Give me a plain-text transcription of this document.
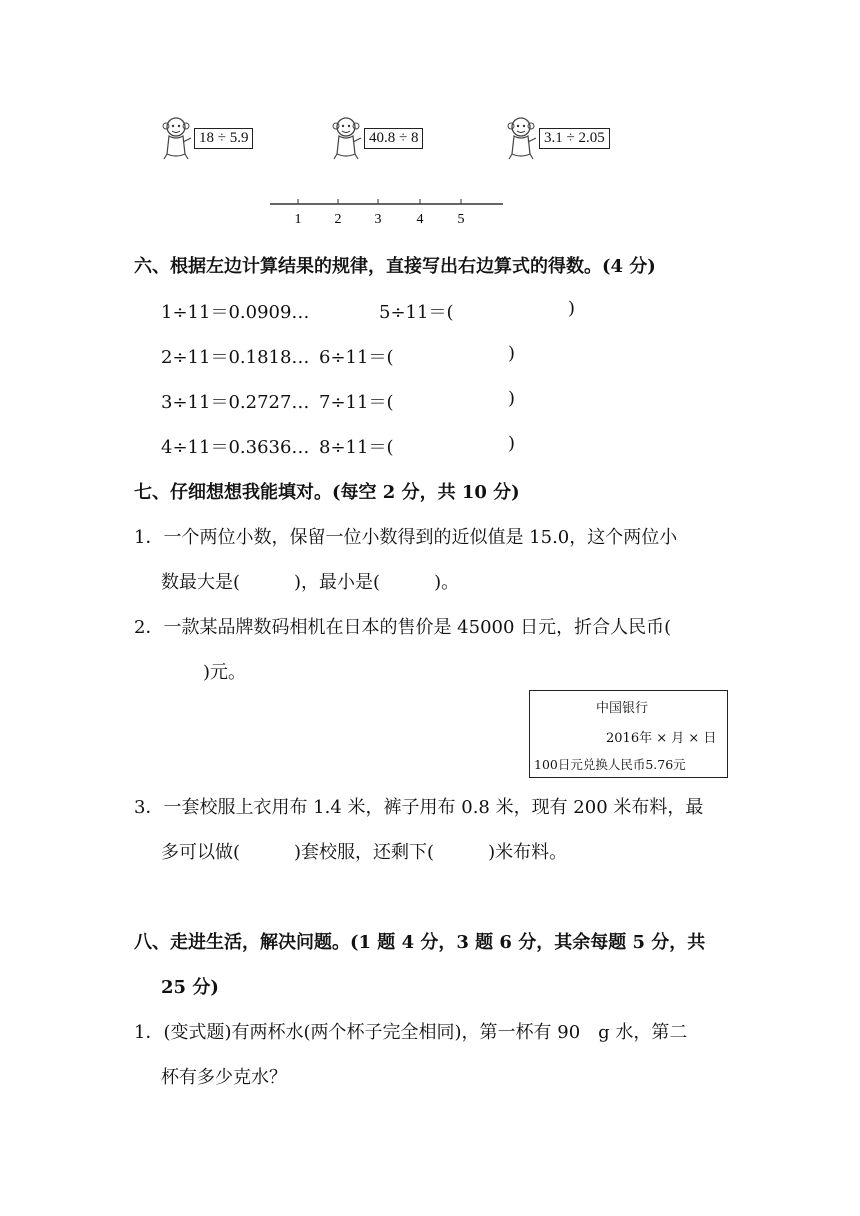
18 ÷ 5.9	40.8 ÷ 8	3.1 ÷ 2.05
1 2 3	4 5
六、根据左边计算结果的规律，直接写出右边算式的得数。(4 分)
1÷11＝0.0909…	5÷11＝(	)
2÷11＝0.1818… 6÷11＝(	)
3÷11＝0.2727… 7÷11＝(	)
4÷11＝0.3636… 8÷11＝(	)
七、仔细想想我能填对。(每空 2 分，共 10 分)
1．一个两位小数，保留一位小数得到的近似值是 15.0，这个两位小
数最大是(　　　)，最小是(　　　)。
2．一款某品牌数码相机在日本的售价是 45000 日元，折合人民币(
)元。
中国银行
2016年 × 月 × 日
100日元兑换人民币5.76元
3．一套校服上衣用布 1.4 米，裤子用布 0.8 米，现有 200 米布料，最
多可以做(　　　)套校服，还剩下(　　　)米布料。
八、走进生活，解决问题。(1 题 4 分，3 题 6 分，其余每题 5 分，共
25 分)
1．(变式题)有两杯水(两个杯子完全相同)，第一杯有 90　g 水，第二
杯有多少克水？
